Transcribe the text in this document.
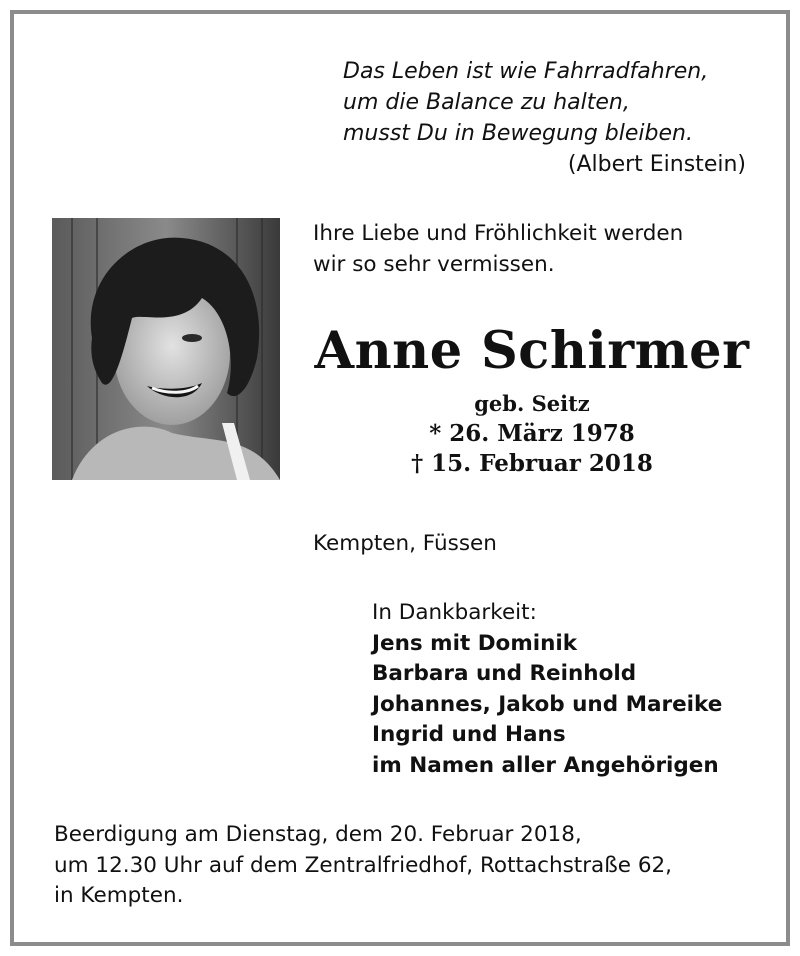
Das Leben ist wie Fahrradfahren,
um die Balance zu halten,
musst Du in Bewegung bleiben.
(Albert Einstein)
Ihre Liebe und Fröhlichkeit werden
wir so sehr vermissen.
Anne Schirmer
geb. Seitz
* 26. März 1978
† 15. Februar 2018
Kempten, Füssen
In Dankbarkeit:
Jens mit Dominik
Barbara und Reinhold
Johannes, Jakob und Mareike
Ingrid und Hans
im Namen aller Angehörigen
Beerdigung am Dienstag, dem 20. Februar 2018,
um 12.30 Uhr auf dem Zentralfriedhof, Rottachstraße 62,
in Kempten.
